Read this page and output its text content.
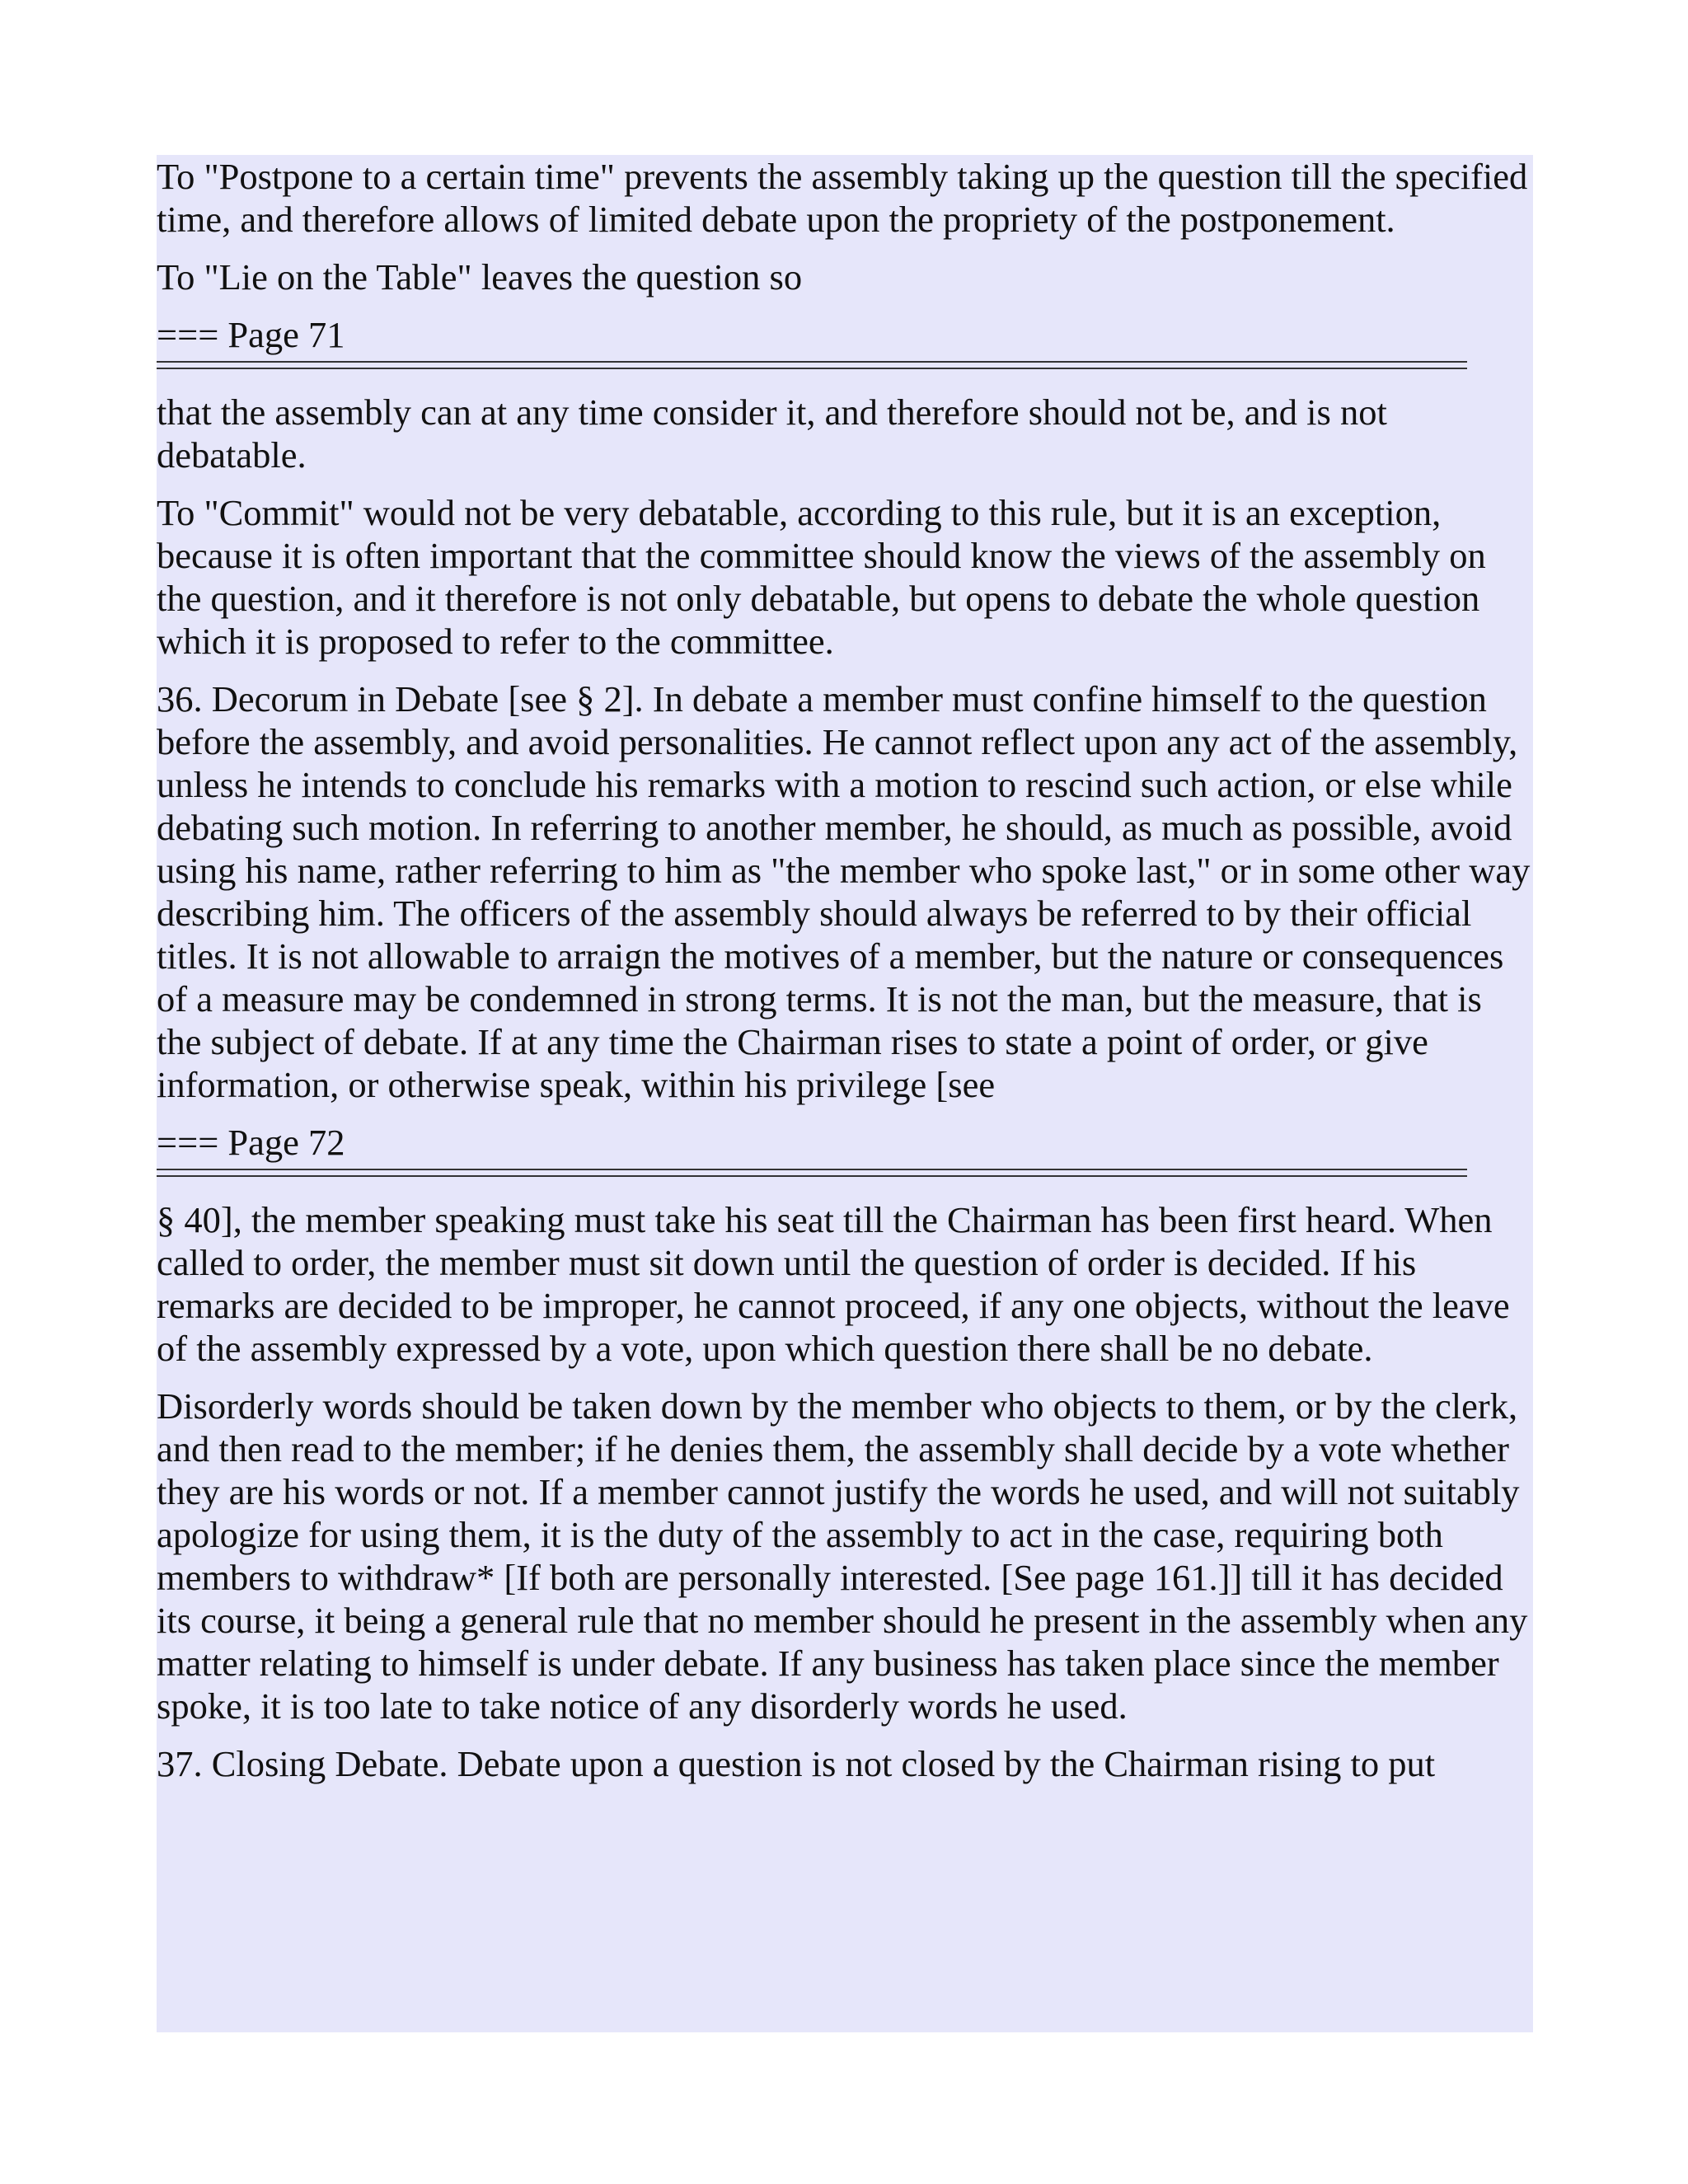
To "Postpone to a certain time" prevents the assembly taking up the question till the specified time, and therefore allows of limited debate upon the propriety of the postponement.

To "Lie on the Table" leaves the question so

=== Page 71

that the assembly can at any time consider it, and therefore should not be, and is not debatable.

To "Commit" would not be very debatable, according to this rule, but it is an exception, because it is often important that the committee should know the views of the assembly on the question, and it therefore is not only debatable, but opens to debate the whole question which it is proposed to refer to the committee.

36. Decorum in Debate [see § 2]. In debate a member must confine himself to the question before the assembly, and avoid personalities. He cannot reflect upon any act of the assembly, unless he intends to conclude his remarks with a motion to rescind such action, or else while debating such motion. In referring to another member, he should, as much as possible, avoid using his name, rather referring to him as "the member who spoke last," or in some other way describing him. The officers of the assembly should always be referred to by their official titles. It is not allowable to arraign the motives of a member, but the nature or consequences of a measure may be condemned in strong terms. It is not the man, but the measure, that is the subject of debate. If at any time the Chairman rises to state a point of order, or give information, or otherwise speak, within his privilege [see

=== Page 72

§ 40], the member speaking must take his seat till the Chairman has been first heard. When called to order, the member must sit down until the question of order is decided. If his remarks are decided to be improper, he cannot proceed, if any one objects, without the leave of the assembly expressed by a vote, upon which question there shall be no debate.

Disorderly words should be taken down by the member who objects to them, or by the clerk, and then read to the member; if he denies them, the assembly shall decide by a vote whether they are his words or not. If a member cannot justify the words he used, and will not suitably apologize for using them, it is the duty of the assembly to act in the case, requiring both members to withdraw* [If both are personally interested. [See page 161.]] till it has decided its course, it being a general rule that no member should he present in the assembly when any matter relating to himself is under debate. If any business has taken place since the member spoke, it is too late to take notice of any disorderly words he used.

37. Closing Debate. Debate upon a question is not closed by the Chairman rising to put
